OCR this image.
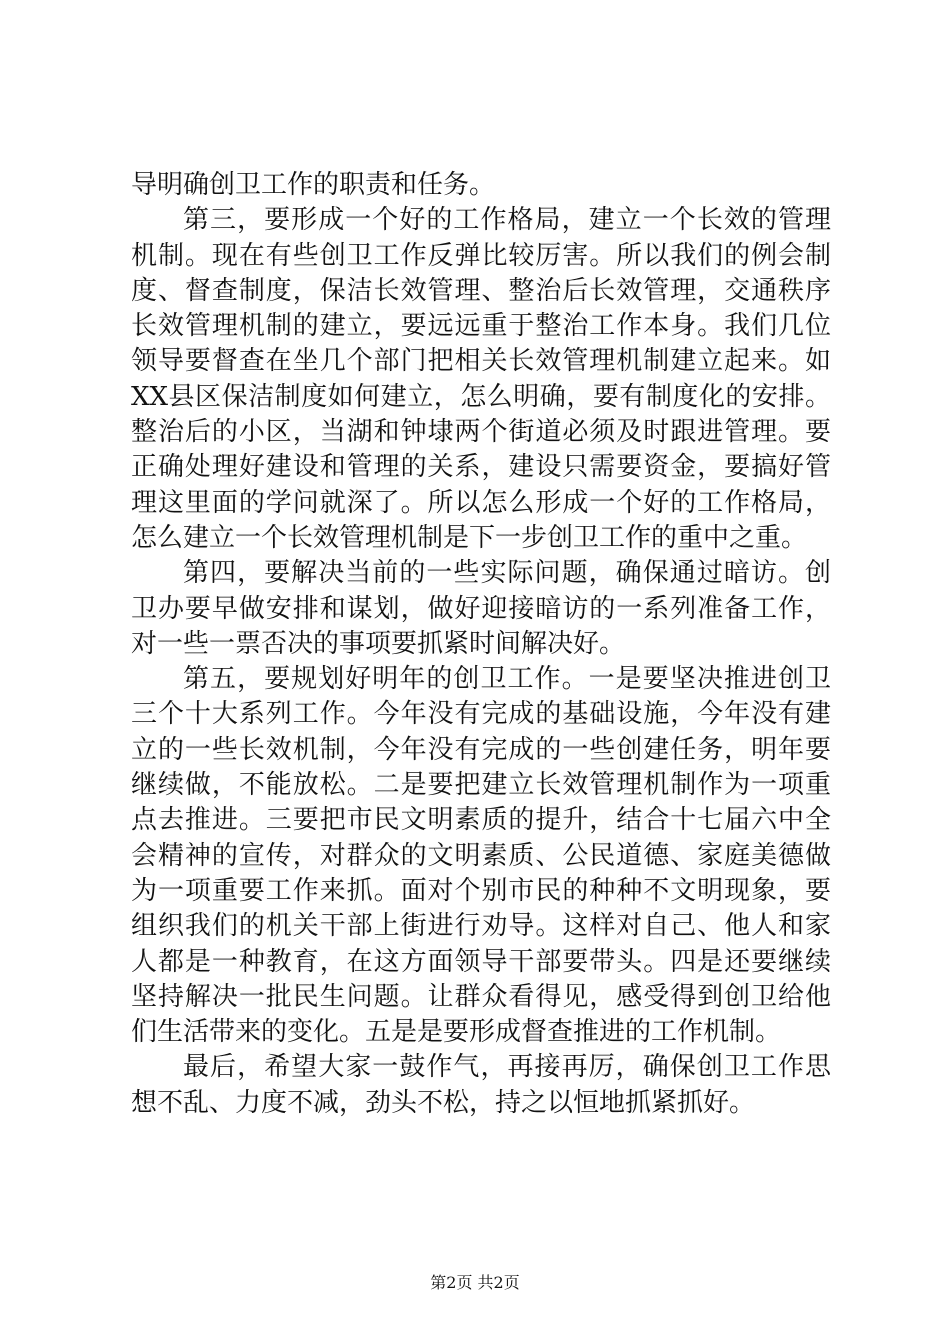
导明确创卫工作的职责和任务。

第三，要形成一个好的工作格局，建立一个长效的管理机制。现在有些创卫工作反弹比较厉害。所以我们的例会制度、督查制度，保洁长效管理、整治后长效管理，交通秩序长效管理机制的建立，要远远重于整治工作本身。我们几位领导要督查在坐几个部门把相关长效管理机制建立起来。如XX县区保洁制度如何建立，怎么明确，要有制度化的安排。整治后的小区，当湖和钟埭两个街道必须及时跟进管理。要正确处理好建设和管理的关系，建设只需要资金，要搞好管理这里面的学问就深了。所以怎么形成一个好的工作格局，怎么建立一个长效管理机制是下一步创卫工作的重中之重。

第四，要解决当前的一些实际问题，确保通过暗访。创卫办要早做安排和谋划，做好迎接暗访的一系列准备工作，对一些一票否决的事项要抓紧时间解决好。

第五，要规划好明年的创卫工作。一是要坚决推进创卫三个十大系列工作。今年没有完成的基础设施，今年没有建立的一些长效机制，今年没有完成的一些创建任务，明年要继续做，不能放松。二是要把建立长效管理机制作为一项重点去推进。三要把市民文明素质的提升，结合十七届六中全会精神的宣传，对群众的文明素质、公民道德、家庭美德做为一项重要工作来抓。面对个别市民的种种不文明现象，要组织我们的机关干部上街进行劝导。这样对自己、他人和家人都是一种教育，在这方面领导干部要带头。四是还要继续坚持解决一批民生问题。让群众看得见，感受得到创卫给他们生活带来的变化。五是是要形成督查推进的工作机制。

最后，希望大家一鼓作气，再接再厉，确保创卫工作思想不乱、力度不减，劲头不松，持之以恒地抓紧抓好。

第2页 共2页
